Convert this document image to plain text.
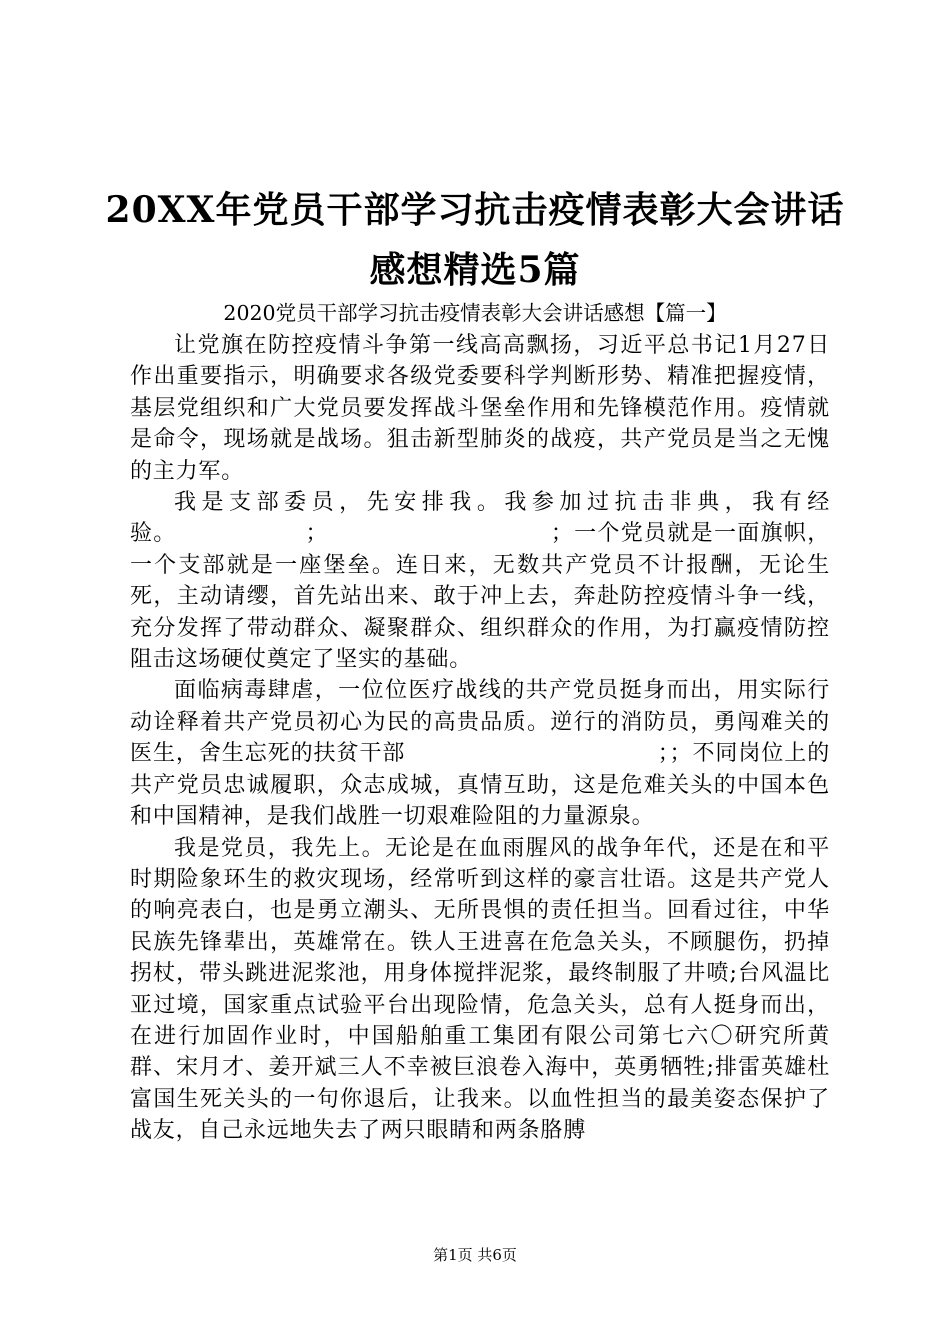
20XX年党员干部学习抗击疫情表彰大会讲话
感想精选5篇
2020党员干部学习抗击疫情表彰大会讲话感想【篇一】

让党旗在防控疫情斗争第一线高高飘扬，习近平总书记1月27日作出重要指示，明确要求各级党委要科学判断形势、精准把握疫情，基层党组织和广大党员要发挥战斗堡垒作用和先锋模范作用。疫情就是命令，现场就是战场。狙击新型肺炎的战疫，共产党员是当之无愧的主力军。

我是支部委员，先安排我。我参加过抗击非典，我有经验。　　　　　　；　　　　　　　　　　；一个党员就是一面旗帜，一个支部就是一座堡垒。连日来，无数共产党员不计报酬，无论生死，主动请缨，首先站出来、敢于冲上去，奔赴防控疫情斗争一线，充分发挥了带动群众、凝聚群众、组织群众的作用，为打赢疫情防控阻击这场硬仗奠定了坚实的基础。

面临病毒肆虐，一位位医疗战线的共产党员挺身而出，用实际行动诠释着共产党员初心为民的高贵品质。逆行的消防员，勇闯难关的医生，舍生忘死的扶贫干部　　　　　　　　　　　；；不同岗位上的共产党员忠诚履职，众志成城，真情互助，这是危难关头的中国本色和中国精神，是我们战胜一切艰难险阻的力量源泉。

我是党员，我先上。无论是在血雨腥风的战争年代，还是在和平时期险象环生的救灾现场，经常听到这样的豪言壮语。这是共产党人的响亮表白，也是勇立潮头、无所畏惧的责任担当。回看过往，中华民族先锋辈出，英雄常在。铁人王进喜在危急关头，不顾腿伤，扔掉拐杖，带头跳进泥浆池，用身体搅拌泥浆，最终制服了井喷;台风温比亚过境，国家重点试验平台出现险情，危急关头，总有人挺身而出，在进行加固作业时，中国船舶重工集团有限公司第七六〇研究所黄群、宋月才、姜开斌三人不幸被巨浪卷入海中，英勇牺牲;排雷英雄杜富国生死关头的一句你退后，让我来。以血性担当的最美姿态保护了战友，自己永远地失去了两只眼睛和两条胳膊

第1页 共6页
